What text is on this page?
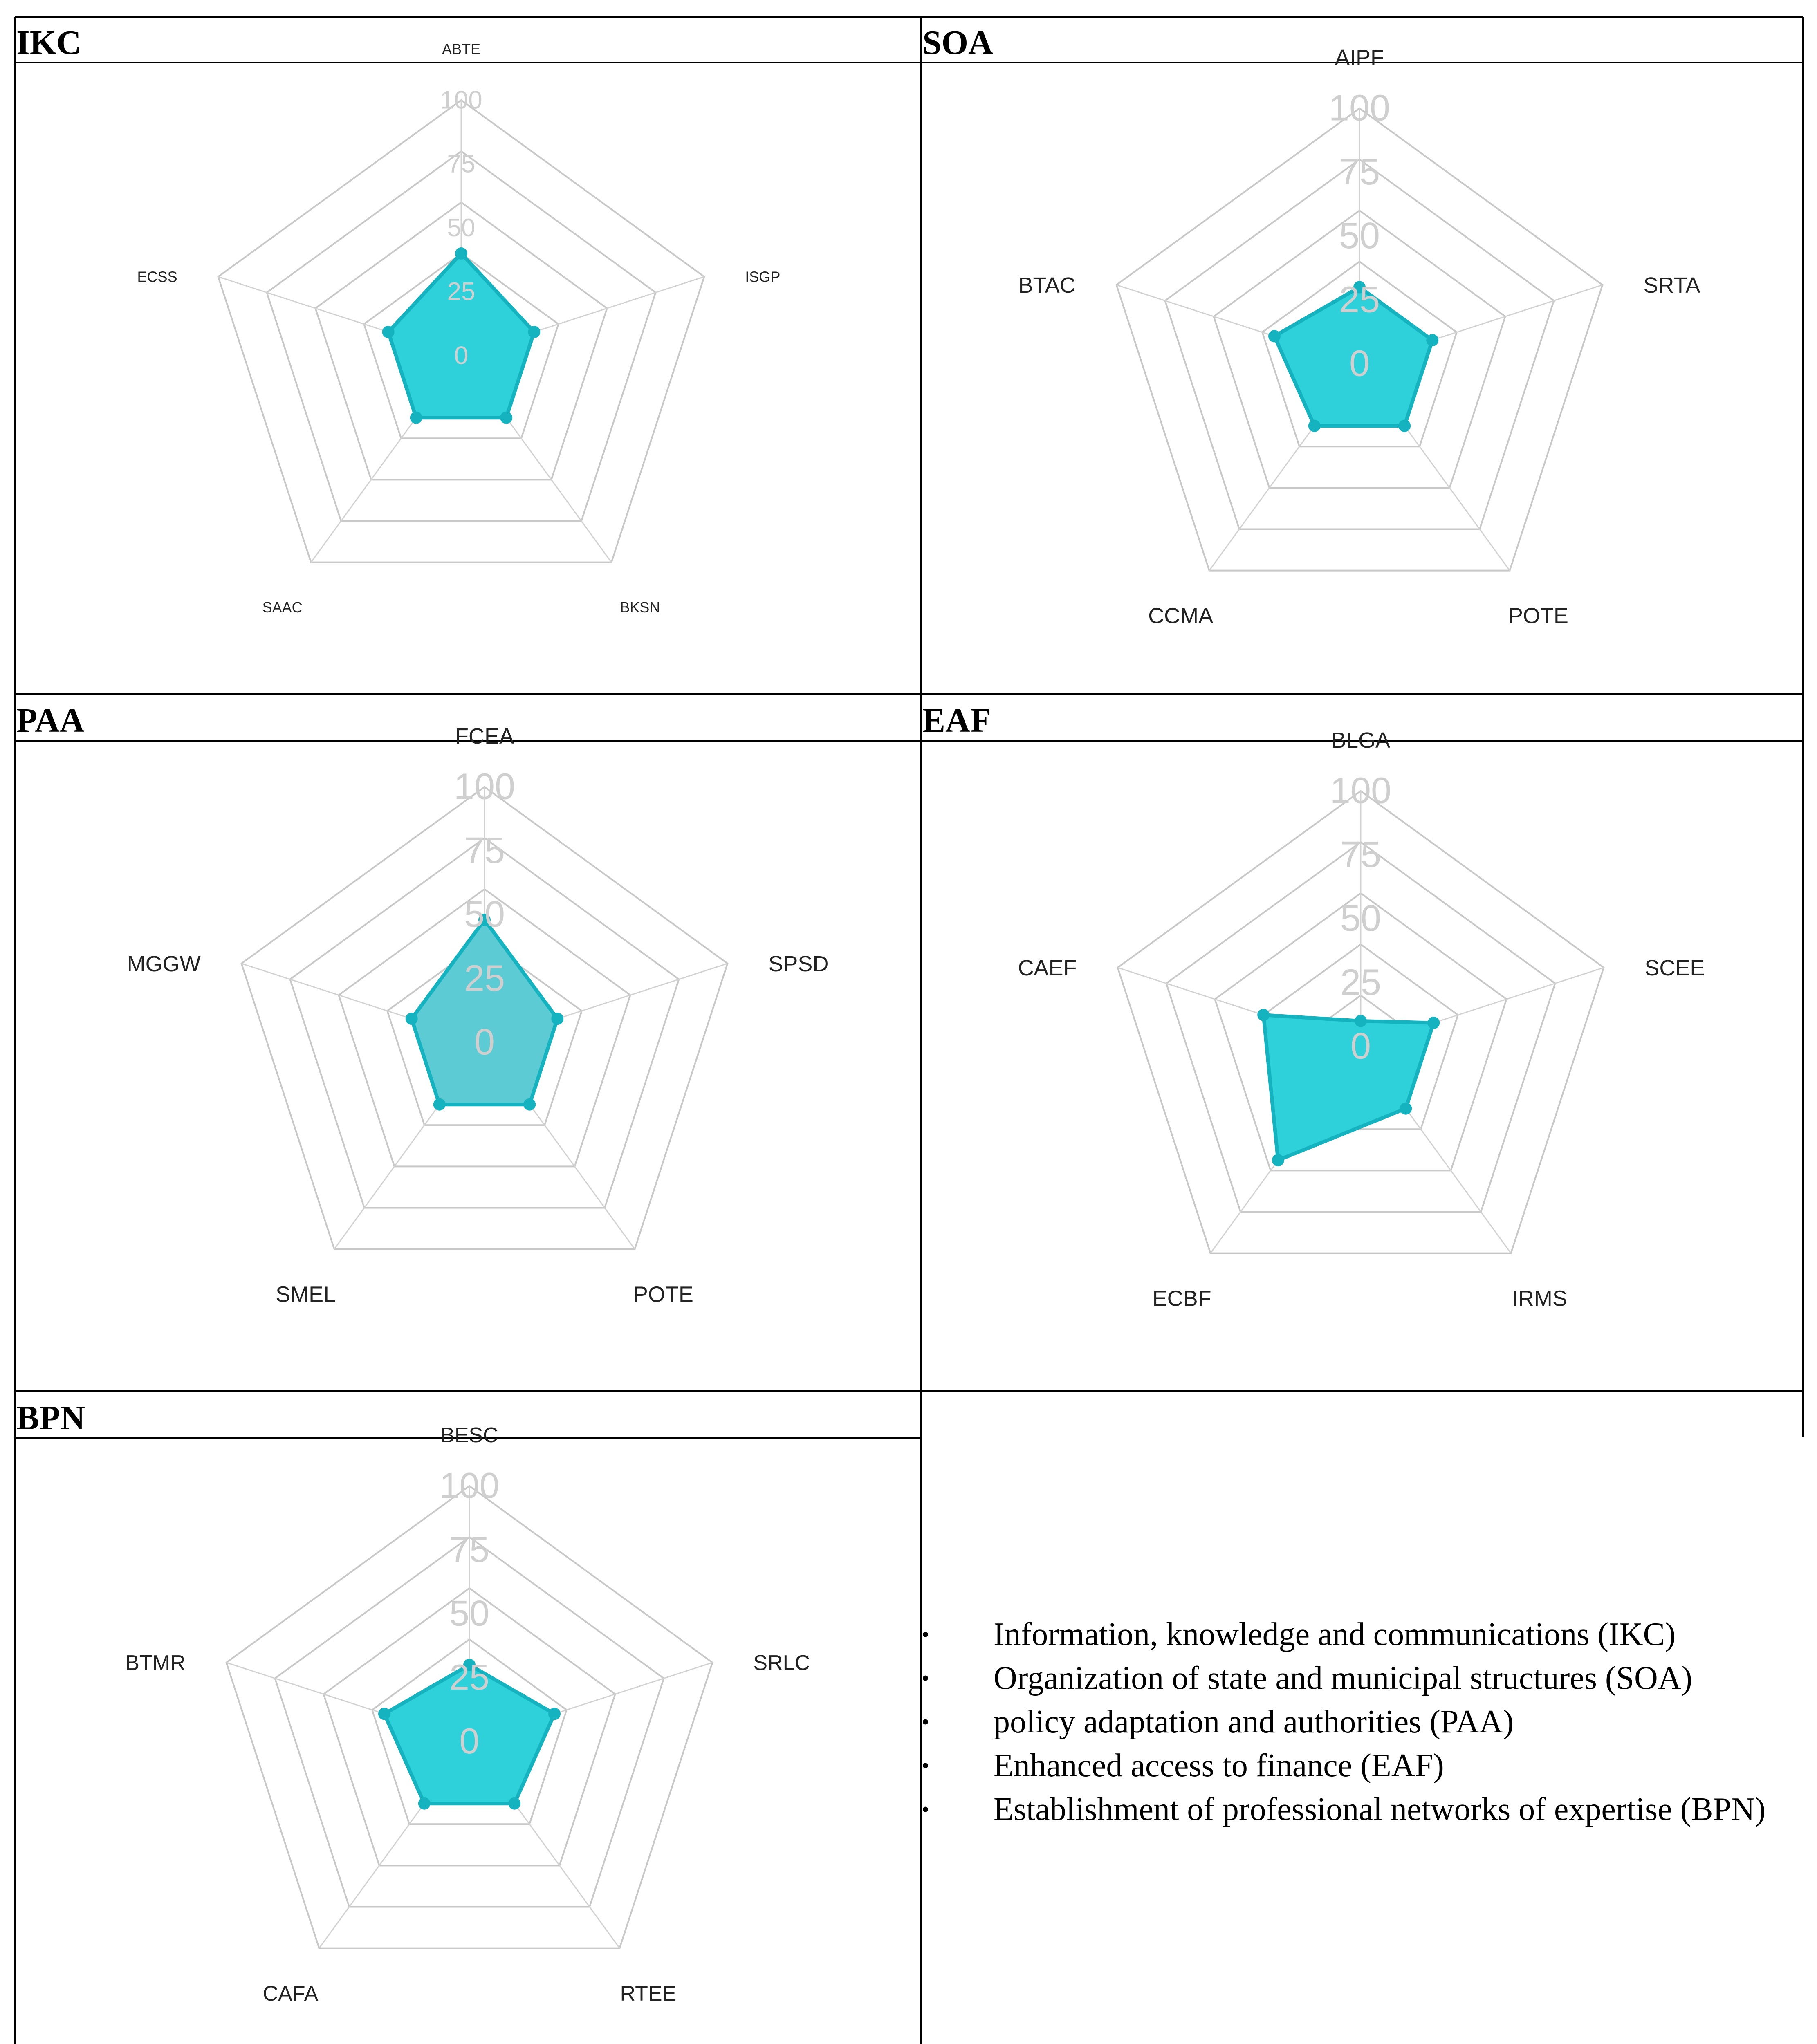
IKC	SOA
PAA	EAF
BPN
0
25
50
75
100
ABTE
ISGP
BKSN
SAAC
ECSS
0
25
50
75
100
AIPF
SRTA
POTE
CCMA
BTAC
0
25
50
75
100
FCEA
SPSD
POTE
SMEL
MGGW
0
25
50
75
100
BLGA
SCEE
IRMS
ECBF
CAEF
0
25
50
75
100
BESC
SRLC
RTEE
CAFA
BTMR
•	Information, knowledge and communications (IKC)
•	Organization of state and municipal structures (SOA)
•	policy adaptation and authorities (PAA)
•	Enhanced access to finance (EAF)
•	Establishment of professional networks of expertise (BPN)
